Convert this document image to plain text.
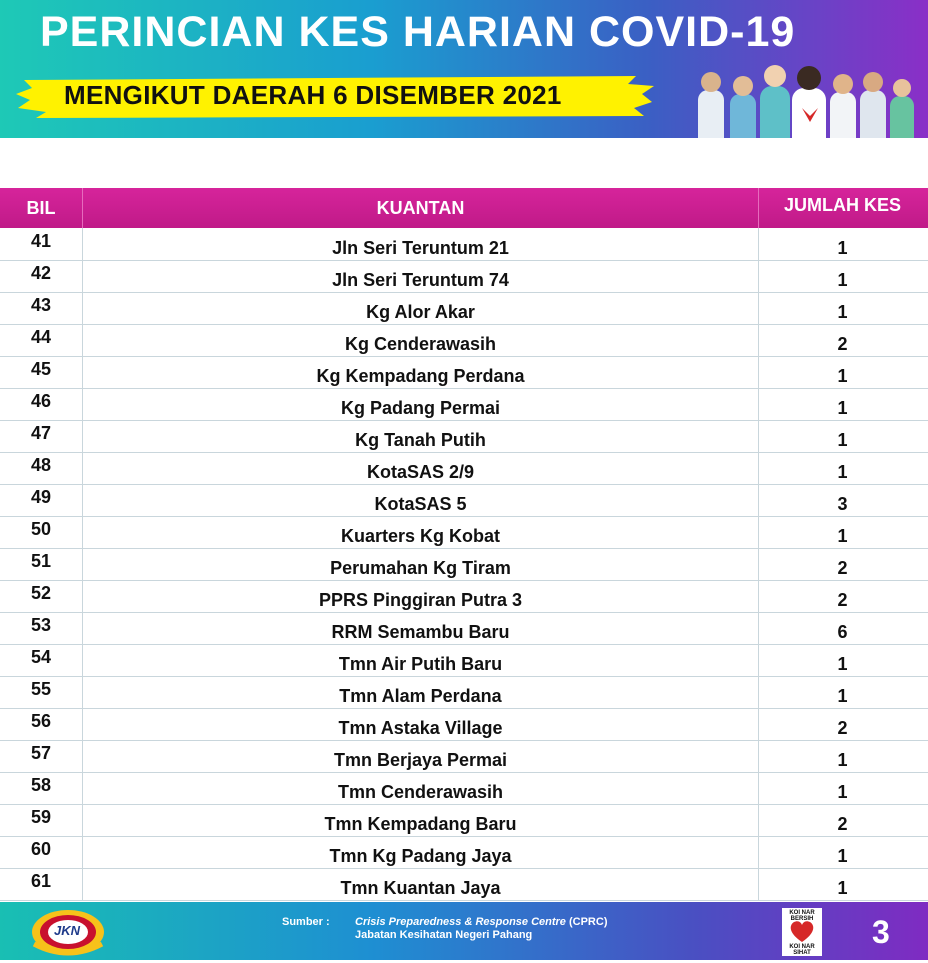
PERINCIAN KES HARIAN COVID-19
MENGIKUT DAERAH 6 DISEMBER 2021
BIL	KUANTAN	JUMLAH KES
41	Jln Seri Teruntum 21	1
42	Jln Seri Teruntum 74	1
43	Kg Alor Akar	1
44	Kg Cenderawasih	2
45	Kg Kempadang Perdana	1
46	Kg Padang Permai	1
47	Kg Tanah Putih	1
48	KotaSAS 2/9	1
49	KotaSAS 5	3
50	Kuarters Kg Kobat	1
51	Perumahan Kg Tiram	2
52	PPRS Pinggiran Putra 3	2
53	RRM Semambu Baru	6
54	Tmn Air Putih Baru	1
55	Tmn Alam Perdana	1
56	Tmn Astaka Village	2
57	Tmn Berjaya Permai	1
58	Tmn Cenderawasih	1
59	Tmn Kempadang Baru	2
60	Tmn Kg Padang Jaya	1
61	Tmn Kuantan Jaya	1
JKN
Sumber : Crisis Preparedness & Response Centre (CPRC)
Jabatan Kesihatan Negeri Pahang
KOI NAR BERSIH
KOI NAR SIHAT
3
